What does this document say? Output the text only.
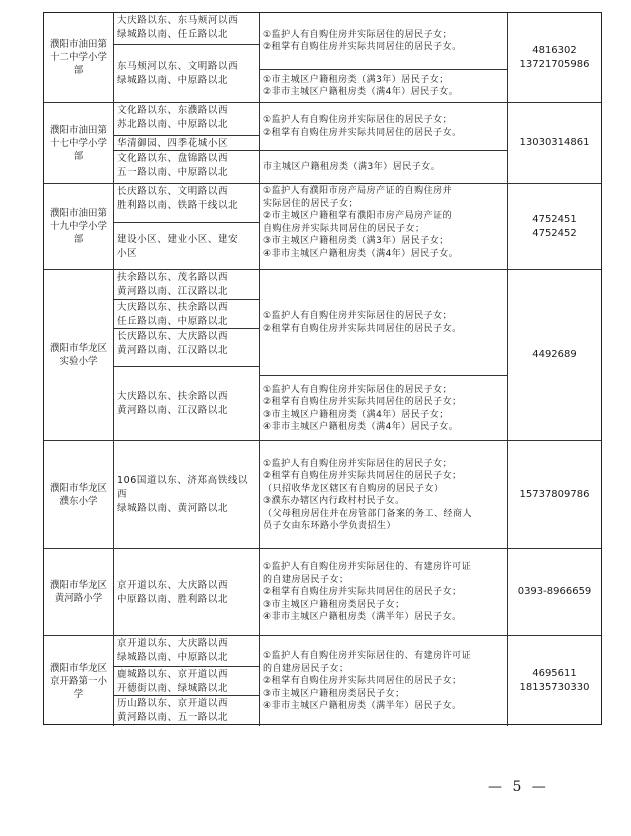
濮阳市油田第十二中学小学部
大庆路以东、东马颊河以西
绿城路以南、任丘路以北
东马颊河以东、文明路以西
绿城路以南、中原路以北
①监护人有自购住房并实际居住的居民子女；
②租掌有自购住房并实际共同居住的居民子女。
①市主城区户籍租房类（满3年）居民子女；
②非市主城区户籍租房类（满4年）居民子女。
4816302
13721705986
濮阳市油田第十七中学小学部
文化路以东、东濮路以西
苏北路以南、中原路以北
华清御园、四季花城小区
文化路以东、盘锦路以西
五一路以南、中原路以北
①监护人有自购住房并实际居住的居民子女；
②租掌有自购住房并实际共同居住的居民子女。
市主城区户籍租房类（满3年）居民子女。
13030314861
濮阳市油田第十九中学小学部
长庆路以东、文明路以西
胜利路以南、铁路干线以北
建设小区、建业小区、建安
小区
①监护人有濮阳市房产局房产证的自购住房并
实际居住的居民子女；
②市主城区户籍租掌有濮阳市房产局房产证的
自购住房并实际共同居住的居民子女；
③市主城区户籍租房类（满3年）居民子女；
④非市主城区户籍租房类（满4年）居民子女。
4752451
4752452
濮阳市华龙区实验小学
扶余路以东、茂名路以西
黄河路以南、江汉路以北
大庆路以东、扶余路以西
任丘路以南、中原路以北
长庆路以东、大庆路以西
黄河路以南、江汉路以北
大庆路以东、扶余路以西
黄河路以南、江汉路以北
①监护人有自购住房并实际居住的居民子女；
②租掌有自购住房并实际共同居住的居民子女。
①监护人有自购住房并实际居住的居民子女；
②租掌有自购住房并实际共同居住的居民子女；
③市主城区户籍租房类（满4年）居民子女；
④非市主城区户籍租房类（满4年）居民子女。
4492689
濮阳市华龙区濮东小学
106国道以东、济郑高铁线以
西
绿城路以南、黄河路以北
①监护人有自购住房并实际居住的居民子女；
②租掌有自购住房并实际共同居住的居民子女；
（只招收华龙区辖区有自购房的居民子女）
③濮东办辖区内行政村村民子女。
（父母租房居住并在房管部门备案的务工、经商人
员子女由东环路小学负责招生）
15737809786
濮阳市华龙区黄河路小学
京开道以东、大庆路以西
中原路以南、胜利路以北
①监护人有自购住房并实际居住的、有建房许可证
的自建房居民子女；
②租掌有自购住房并实际共同居住的居民子女；
③市主城区户籍租房类居民子女；
④非市主城区户籍租房类（满半年）居民子女。
0393-8966659
濮阳市华龙区京开路第一小学
京开道以东、大庆路以西
绿城路以南、中原路以北
鹿城路以东、京开道以西
开德街以南、绿城路以北
历山路以东、京开道以西
黄河路以南、五一路以北
①监护人有自购住房并实际居住的、有建房许可证
的自建房居民子女；
②租掌有自购住房并实际共同居住的居民子女；
③市主城区户籍租房类居民子女；
④非市主城区户籍租房类（满半年）居民子女。
4695611
18135730330
— 5 —
